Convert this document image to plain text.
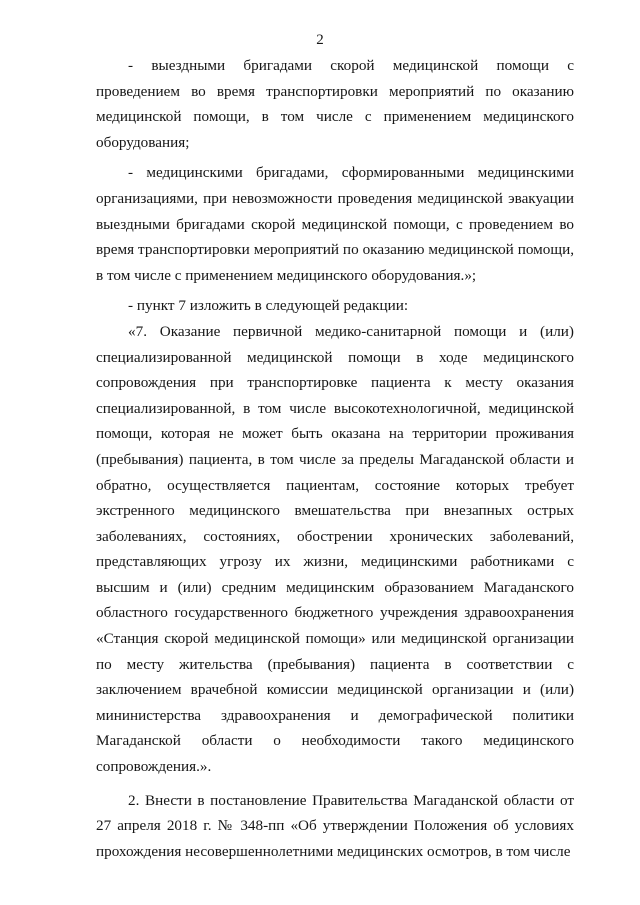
2

- выездными бригадами скорой медицинской помощи с проведением во время транспортировки мероприятий по оказанию медицинской помощи, в том числе с применением медицинского оборудования;

- медицинскими бригадами, сформированными медицинскими организациями, при невозможности проведения медицинской эвакуации выездными бригадами скорой медицинской помощи, с проведением во время транспортировки мероприятий по оказанию медицинской помощи, в том числе с применением медицинского оборудования.»;

- пункт 7 изложить в следующей редакции:

«7. Оказание первичной медико-санитарной помощи и (или) специализированной медицинской помощи в ходе медицинского сопровождения при транспортировке пациента к месту оказания специализированной, в том числе высокотехнологичной, медицинской помощи, которая не может быть оказана на территории проживания (пребывания) пациента, в том числе за пределы Магаданской области и обратно, осуществляется пациентам, состояние которых требует экстренного медицинского вмешательства при внезапных острых заболеваниях, состояниях, обострении хронических заболеваний, представляющих угрозу их жизни, медицинскими работниками с высшим и (или) средним медицинским образованием Магаданского областного государственного бюджетного учреждения здравоохранения «Станция скорой медицинской помощи» или медицинской организации по месту жительства (пребывания) пациента в соответствии с заключением врачебной комиссии медицинской организации и (или) мининистерства здравоохранения и демографической политики Магаданской области о необходимости такого медицинского сопровождения.».

2. Внести в постановление Правительства Магаданской области от 27 апреля 2018 г. № 348-пп «Об утверждении Положения об условиях прохождения несовершеннолетними медицинских осмотров, в том числе
